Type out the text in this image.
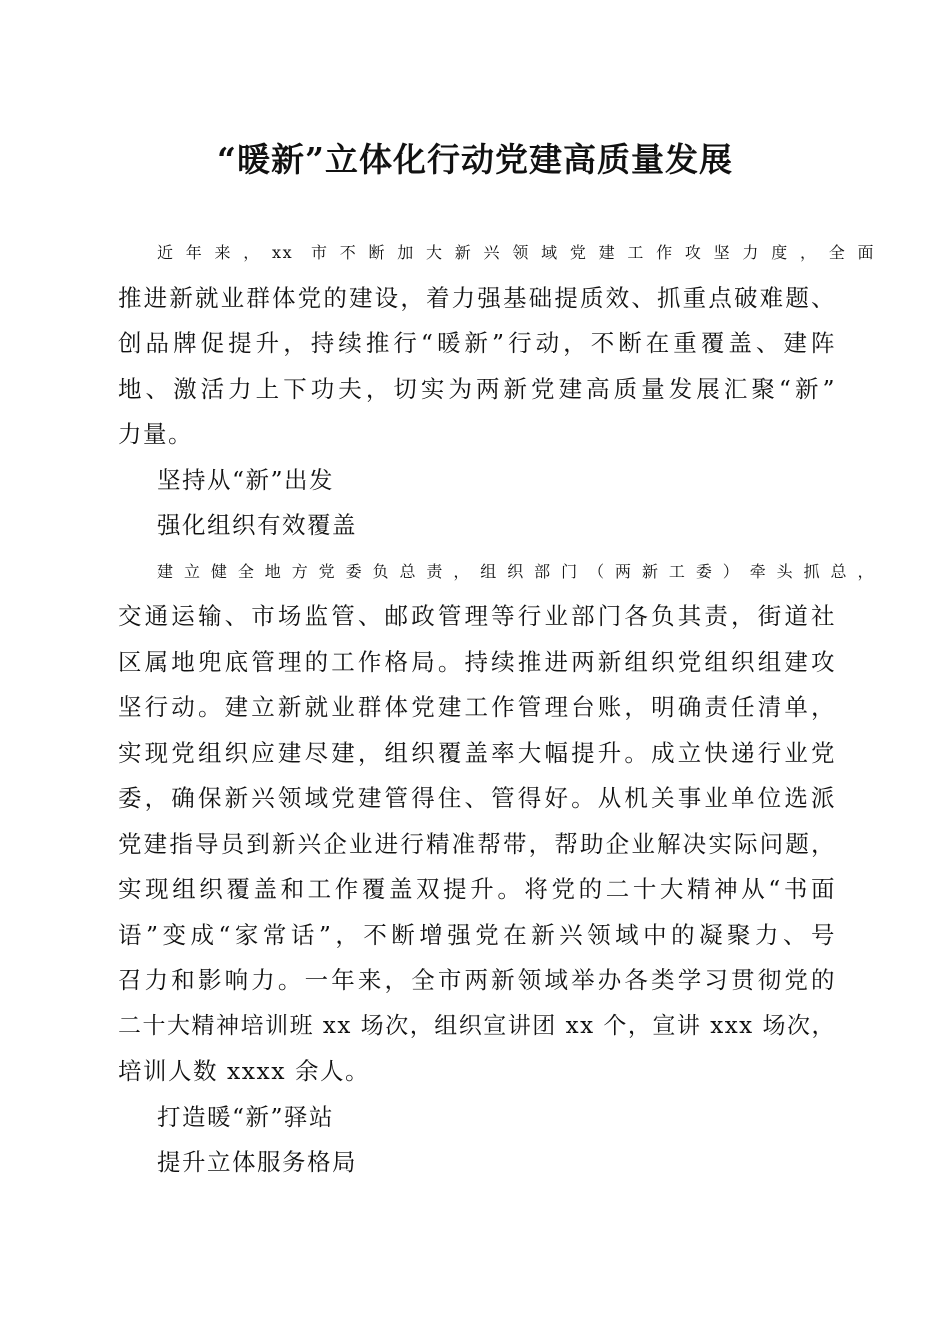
“暖新”立体化行动党建高质量发展
近年来，xx 市不断加大新兴领域党建工作攻坚力度，全面
推进新就业群体党的建设，着力强基础提质效、抓重点破难题、
创品牌促提升，持续推行“暖新”行动，不断在重覆盖、建阵
地、激活力上下功夫，切实为两新党建高质量发展汇聚“新”
力量。
坚持从“新”出发
强化组织有效覆盖
建立健全地方党委负总责，组织部门（两新工委）牵头抓总，
交通运输、市场监管、邮政管理等行业部门各负其责，街道社
区属地兜底管理的工作格局。持续推进两新组织党组织组建攻
坚行动。建立新就业群体党建工作管理台账，明确责任清单，
实现党组织应建尽建，组织覆盖率大幅提升。成立快递行业党
委，确保新兴领域党建管得住、管得好。从机关事业单位选派
党建指导员到新兴企业进行精准帮带，帮助企业解决实际问题，
实现组织覆盖和工作覆盖双提升。将党的二十大精神从“书面
语”变成“家常话”，不断增强党在新兴领域中的凝聚力、号
召力和影响力。一年来，全市两新领域举办各类学习贯彻党的
二十大精神培训班 xx 场次，组织宣讲团 xx 个，宣讲 xxx 场次，
培训人数 xxxx 余人。
打造暖“新”驿站
提升立体服务格局
